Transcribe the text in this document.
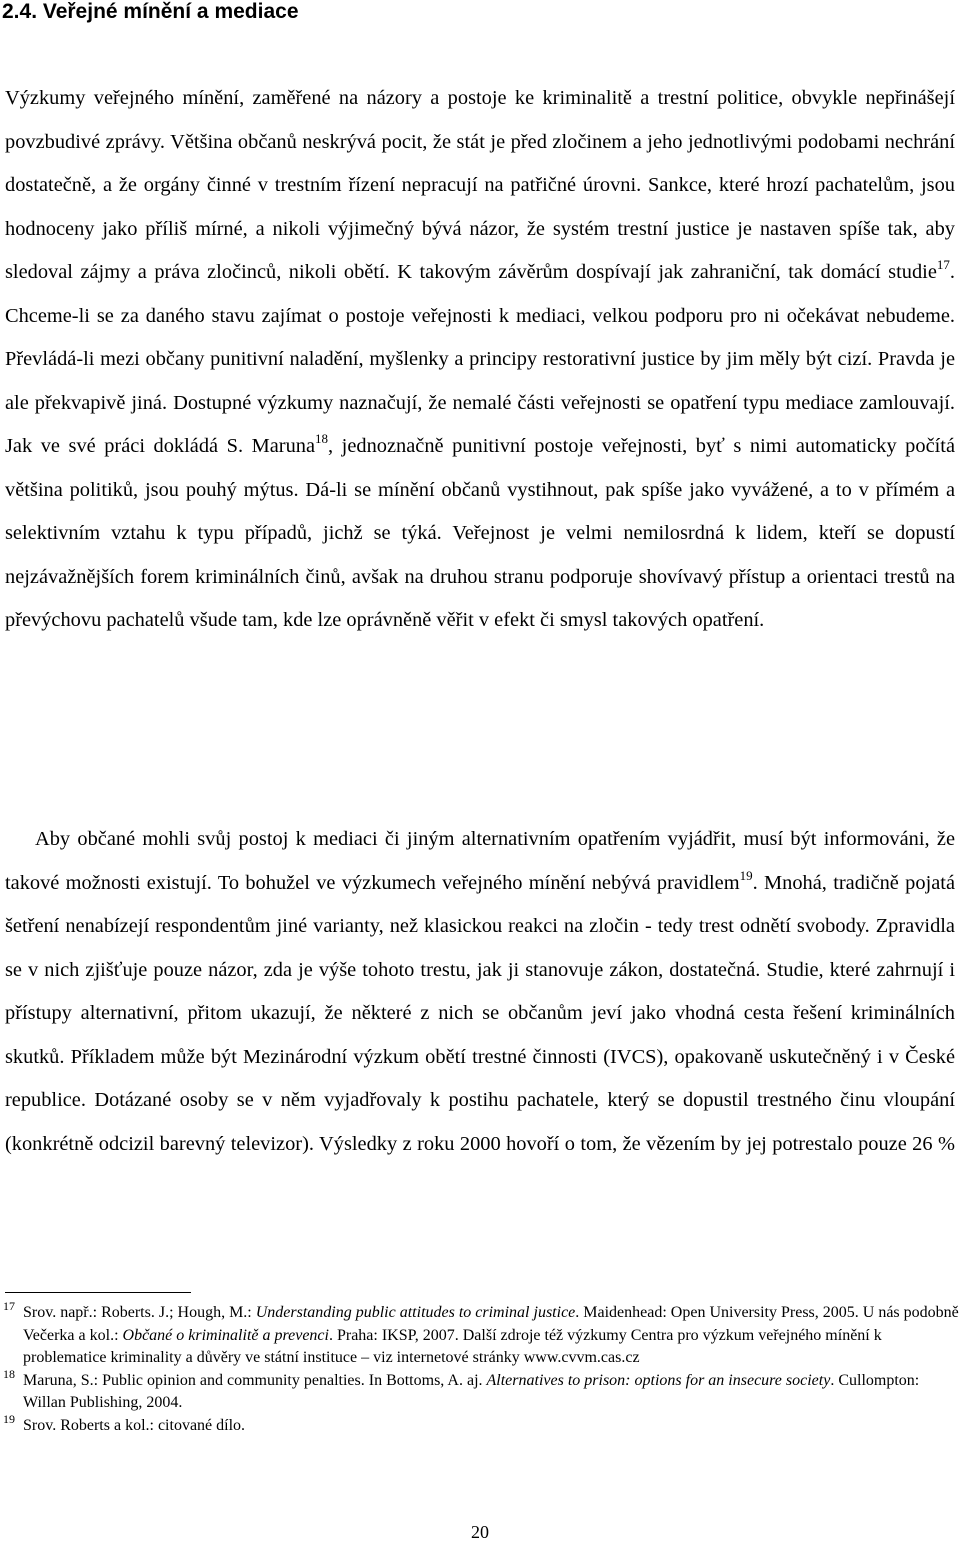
2.4. Veřejné mínění a mediace

Výzkumy veřejného mínění, zaměřené na názory a postoje ke kriminalitě a trestní politice, obvykle nepřinášejí povzbudivé zprávy. Většina občanů neskrývá pocit, že stát je před zločinem a jeho jednotlivými podobami nechrání dostatečně, a že orgány činné v trestním řízení nepracují na patřičné úrovni. Sankce, které hrozí pachatelům, jsou hodnoceny jako příliš mírné, a nikoli výjimečný bývá názor, že systém trestní justice je nastaven spíše tak, aby sledoval zájmy a práva zločinců, nikoli obětí. K takovým závěrům dospívají jak zahraniční, tak domácí studie$^{17}$. Chceme-li se za daného stavu zajímat o postoje veřejnosti k mediaci, velkou podporu pro ni očekávat nebudeme. Převládá-li mezi občany punitivní naladění, myšlenky a principy restorativní justice by jim měly být cizí. Pravda je ale překvapivě jiná. Dostupné výzkumy naznačují, že nemalé části veřejnosti se opatření typu mediace zamlouvají. Jak ve své práci dokládá S. Maruna$^{18}$, jednoznačně punitivní postoje veřejnosti, byť s nimi automaticky počítá většina politiků, jsou pouhý mýtus. Dá-li se mínění občanů vystihnout, pak spíše jako vyvážené, a to v přímém a selektivním vztahu k typu případů, jichž se týká. Veřejnost je velmi nemilosrdná k lidem, kteří se dopustí nejzávažnějších forem kriminálních činů, avšak na druhou stranu podporuje shovívavý přístup a orientaci trestů na převýchovu pachatelů všude tam, kde lze oprávněně věřit v efekt či smysl takových opatření.

Aby občané mohli svůj postoj k mediaci či jiným alternativním opatřením vyjádřit, musí být informováni, že takové možnosti existují. To bohužel ve výzkumech veřejného mínění nebývá pravidlem$^{19}$. Mnohá, tradičně pojatá šetření nenabízejí respondentům jiné varianty, než klasickou reakci na zločin - tedy trest odnětí svobody. Zpravidla se v nich zjišťuje pouze názor, zda je výše tohoto trestu, jak ji stanovuje zákon, dostatečná. Studie, které zahrnují i přístupy alternativní, přitom ukazují, že některé z nich se občanům jeví jako vhodná cesta řešení kriminálních skutků. Příkladem může být Mezinárodní výzkum obětí trestné činnosti (IVCS), opakovaně uskutečněný i v České republice. Dotázané osoby se v něm vyjadřovaly k postihu pachatele, který se dopustil trestného činu vloupání (konkrétně odcizil barevný televizor). Výsledky z roku 2000 hovoří o tom, že vězením by jej potrestalo pouze 26 %

17 Srov. např.: Roberts. J.; Hough, M.: Understanding public attitudes to criminal justice. Maidenhead: Open University Press, 2005. U nás podobně Večerka a kol.: Občané o kriminalitě a prevenci. Praha: IKSP, 2007. Další zdroje též výzkumy Centra pro výzkum veřejného mínění k problematice kriminality a důvěry ve státní instituce – viz internetové stránky www.cvvm.cas.cz

18 Maruna, S.: Public opinion and community penalties. In Bottoms, A. aj. Alternatives to prison: options for an insecure society. Cullompton: Willan Publishing, 2004.

19 Srov. Roberts a kol.: citované dílo.

20
